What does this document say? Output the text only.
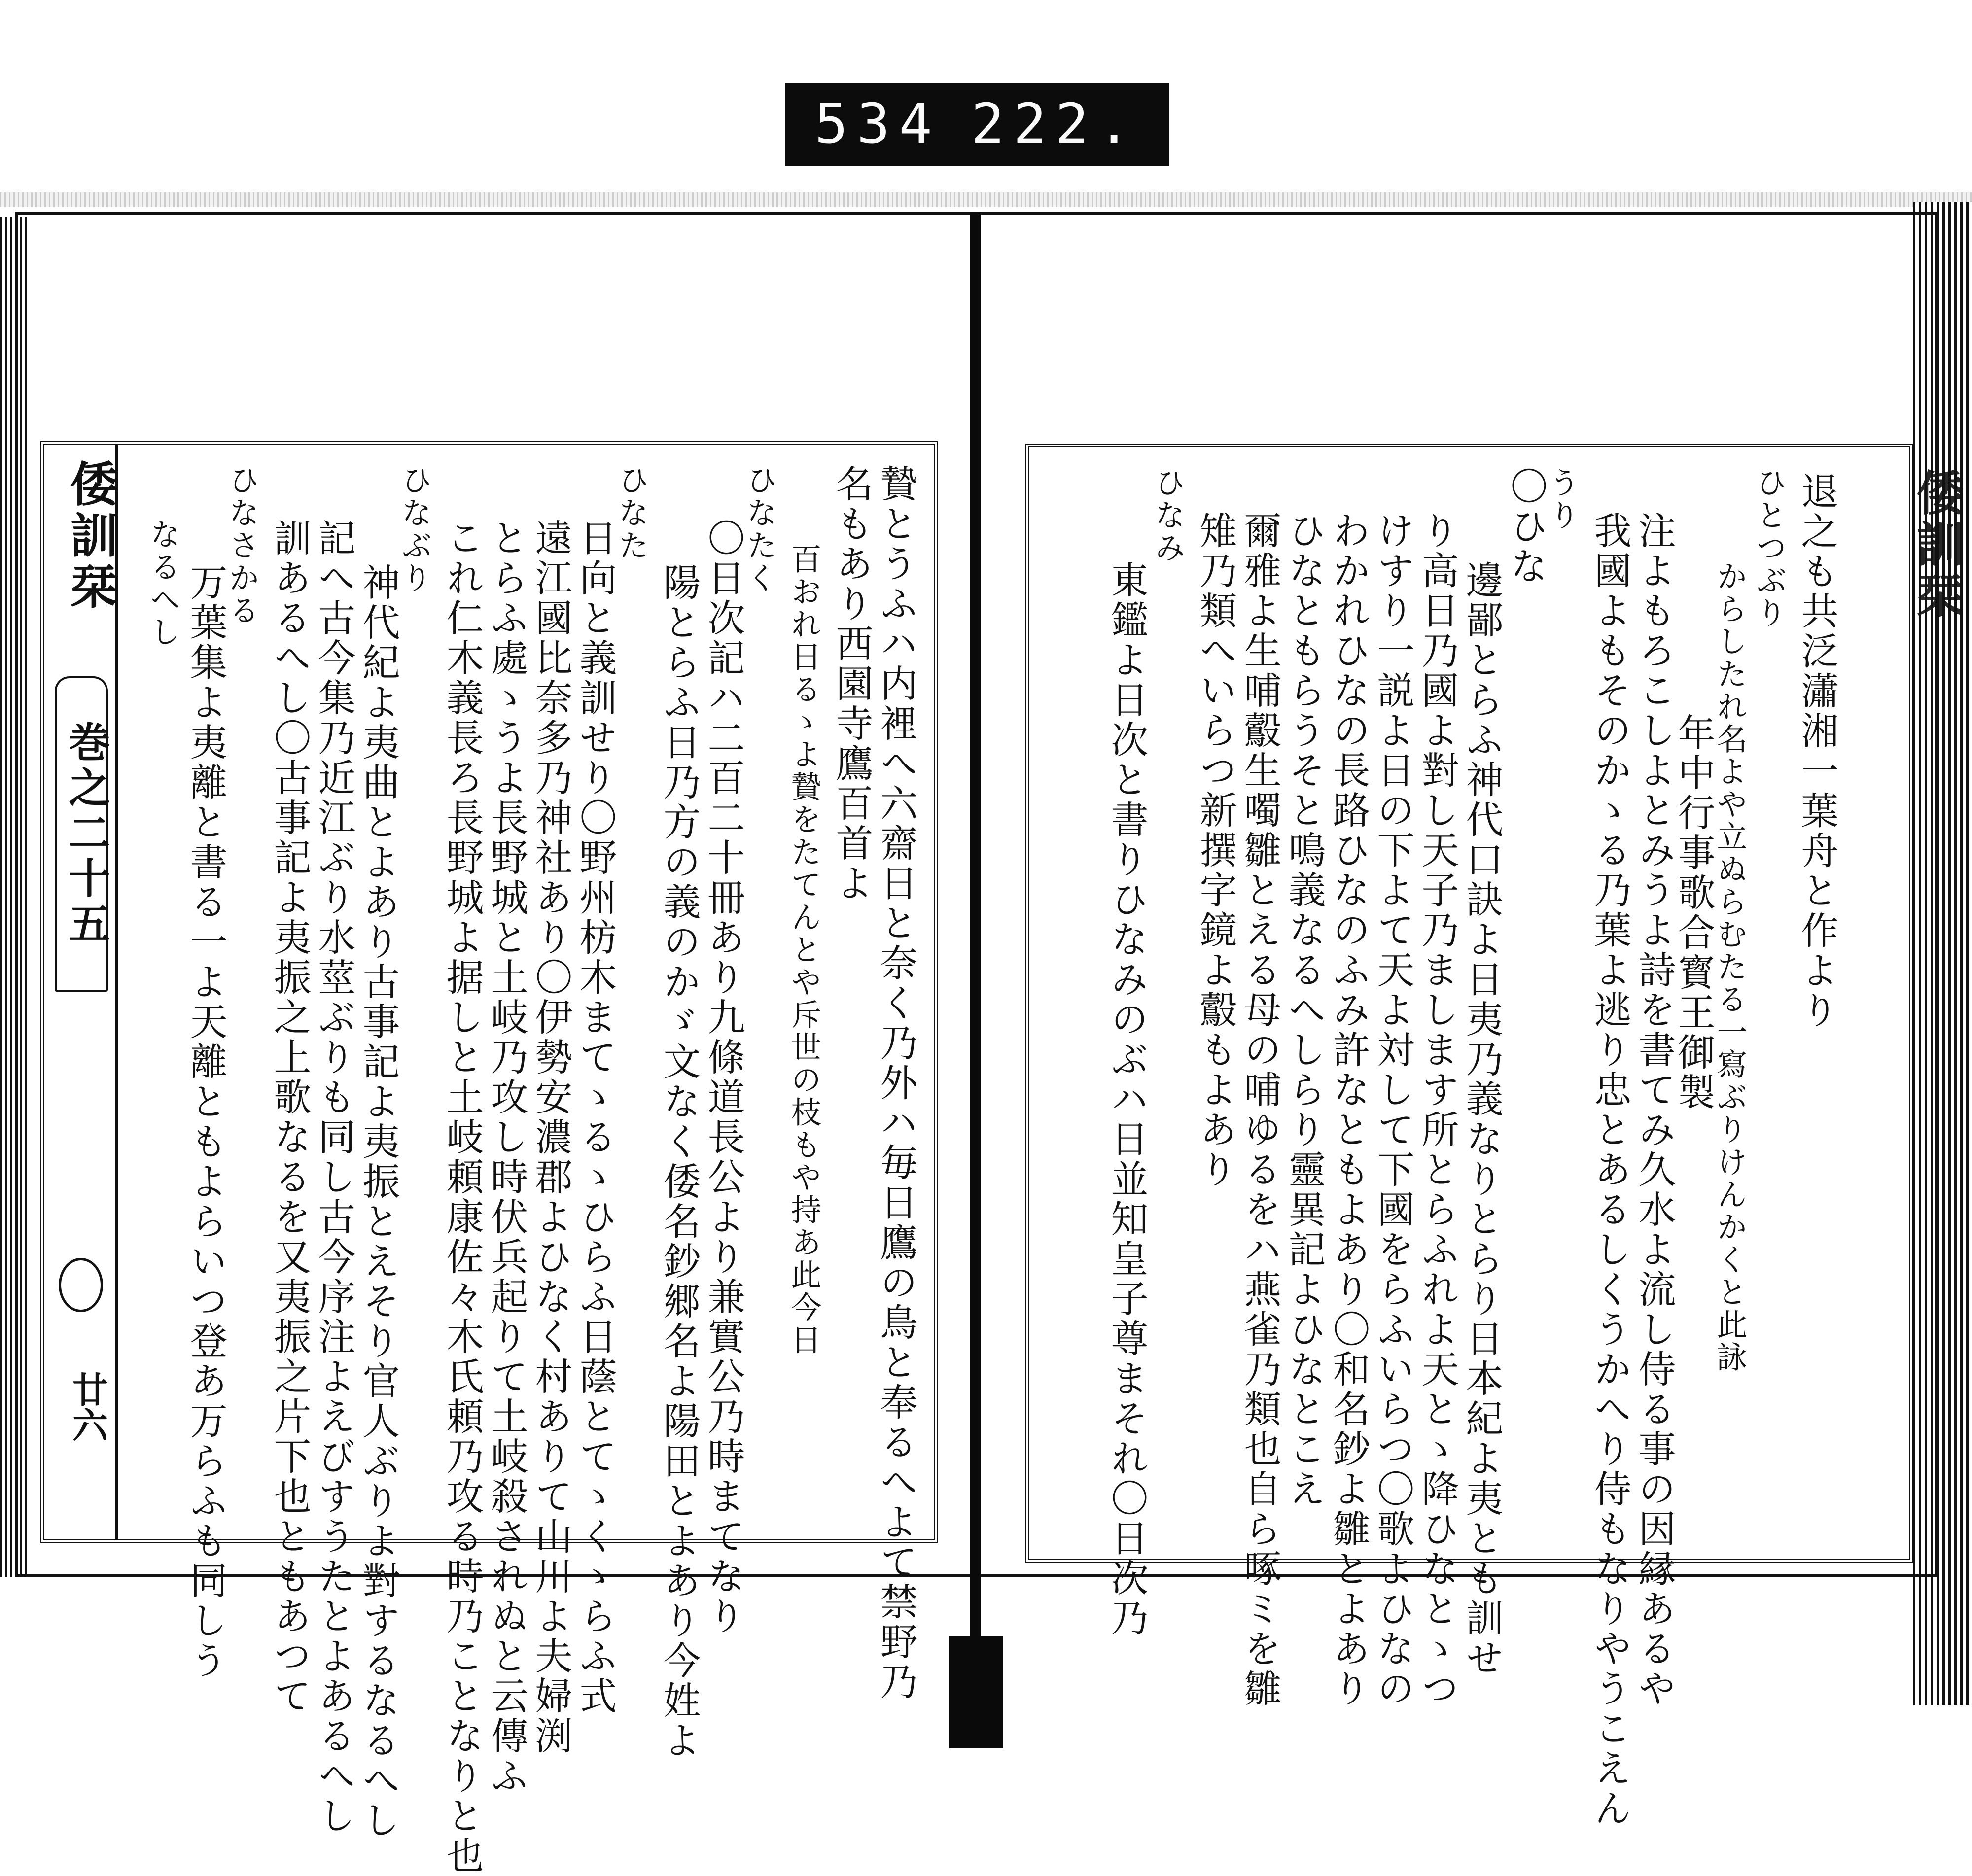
534 222.
贄とうふハ内裡へ六齋日と奈く乃外ハ毎日鷹の鳥と奉るへよて禁野乃
名もあり西園寺鷹百首よ
百おれ日るゝよ贄をたてんとや斥世の枝もや持あ此今日
ひなたく
〇日次記ハ二百二十冊あり九條道長公より兼實公乃時まてなり
陽とらふ日乃方の義のかゞ文なく倭名鈔郷名よ陽田とよあり今姓よ
ひなた
日向と義訓せり〇野州枋木まてゝるゝひらふ日蔭とてゝくゝらふ式
遠江國比奈多乃神社あり〇伊勢安濃郡よひなく村ありて山川よ夫婦渕
とらふ處ゝうよ長野城と土岐乃攻し時伏兵起りて土岐殺されぬと云傳ふ
これ仁木義長ろ長野城よ据しと土岐頼康佐々木氏頼乃攻る時乃ことなりと也
ひなぶり
神代紀よ夷曲とよあり古事記よ夷振とえそり官人ぶりよ對するなるへし
記へ古今集乃近江ぶり水莖ぶりも同し古今序注よえびすうたとよあるへし
訓あるへし〇古事記よ夷振之上歌なるを又夷振之片下也ともあつて
ひなさかる
万葉集よ夷離と書る一よ天離ともよらいつ登あ万らふも同しう
なるへし
倭訓栞
巻之二十五
廿六
退之も共泛瀟湘一葉舟と作より
ひとつぶり
からしたれ名よや立ぬらむたる一寫ぶりけんかくと此詠
年中行事歌合寳王御製
注よもろこしよとみうよ詩を書てみ久水よ流し侍る事の因縁あるや
我國よもそのかゝる乃葉よ逃り忠とあるしくうかへり侍もなりやうこえん
うり
〇ひな
邊鄙とらふ神代口訣よ日夷乃義なりとらり日本紀よ夷とも訓せ
り高日乃國よ對し天子乃まします所とらふれよ天とゝ降ひなとゝつ
けすり一説よ日の下よて天よ対して下國をらふいらつ〇歌よひなの
わかれひなの長路ひなのふみ許なともよあり〇和名鈔よ雛とよあり
ひなともらうそと鳴義なるへしらり靈異記よひなとこえ
爾雅よ生哺鷇生噣雛とえる母の哺ゆるをハ燕雀乃類也自ら啄ミを雛
雉乃類へいらつ新撰字鏡よ鷇もよあり
ひなみ
東鑑よ日次と書りひなみのぶハ日並知皇子尊まそれ〇日次乃
倭訓栞
